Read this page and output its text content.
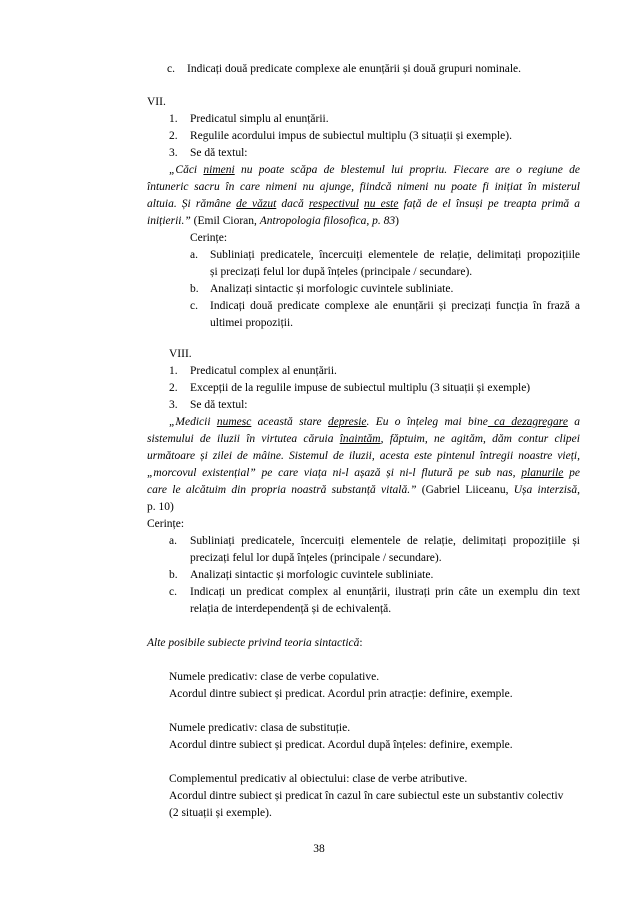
c. Indicați două predicate complexe ale enunțării și două grupuri nominale.
VII.
1. Predicatul simplu al enunțării.
2. Regulile acordului impus de subiectul multiplu (3 situații și exemple).
3. Se dă textul:
„Căci nimeni nu poate scăpa de blestemul lui propriu. Fiecare are o regiune de
întuneric sacru în care nimeni nu ajunge, fiindcă nimeni nu poate fi inițiat în misterul
altuia. Și rămâne de văzut dacă respectivul nu este față de el însuși pe treapta primă a
inițierii.” (Emil Cioran, Antropologia filosofica, p. 83)
Cerințe:
a. Subliniați predicatele, încercuiți elementele de relație, delimitați propozițiile
și precizați felul lor după înțeles (principale / secundare).
b. Analizați sintactic și morfologic cuvintele subliniate.
c. Indicați două predicate complexe ale enunțării și precizați funcția în frază a
ultimei propoziții.
VIII.
1. Predicatul complex al enunțării.
2. Excepții de la regulile impuse de subiectul multiplu (3 situații și exemple)
3. Se dă textul:
„Medicii numesc această stare depresie. Eu o înțeleg mai bine ca dezagregare a
sistemului de iluzii în virtutea căruia înaintăm, făptuim, ne agităm, dăm contur clipei
următoare și zilei de mâine. Sistemul de iluzii, acesta este pintenul întregii noastre vieți,
„morcovul existențial” pe care viața ni-l așază și ni-l flutură pe sub nas, planurile pe
care le alcătuim din propria noastră substanță vitală.” (Gabriel Liiceanu, Ușa interzisă,
p. 10)
Cerințe:
a. Subliniați predicatele, încercuiți elementele de relație, delimitați propozițiile și
precizați felul lor după înțeles (principale / secundare).
b. Analizați sintactic și morfologic cuvintele subliniate.
c. Indicați un predicat complex al enunțării, ilustrați prin câte un exemplu din text
relația de interdependență și de echivalență.
Alte posibile subiecte privind teoria sintactică:
Numele predicativ: clase de verbe copulative.
Acordul dintre subiect și predicat. Acordul prin atracție: definire, exemple.
Numele predicativ: clasa de substituție.
Acordul dintre subiect și predicat. Acordul după înțeles: definire, exemple.
Complementul predicativ al obiectului: clase de verbe atributive.
Acordul dintre subiect și predicat în cazul în care subiectul este un substantiv colectiv
(2 situații și exemple).
38
